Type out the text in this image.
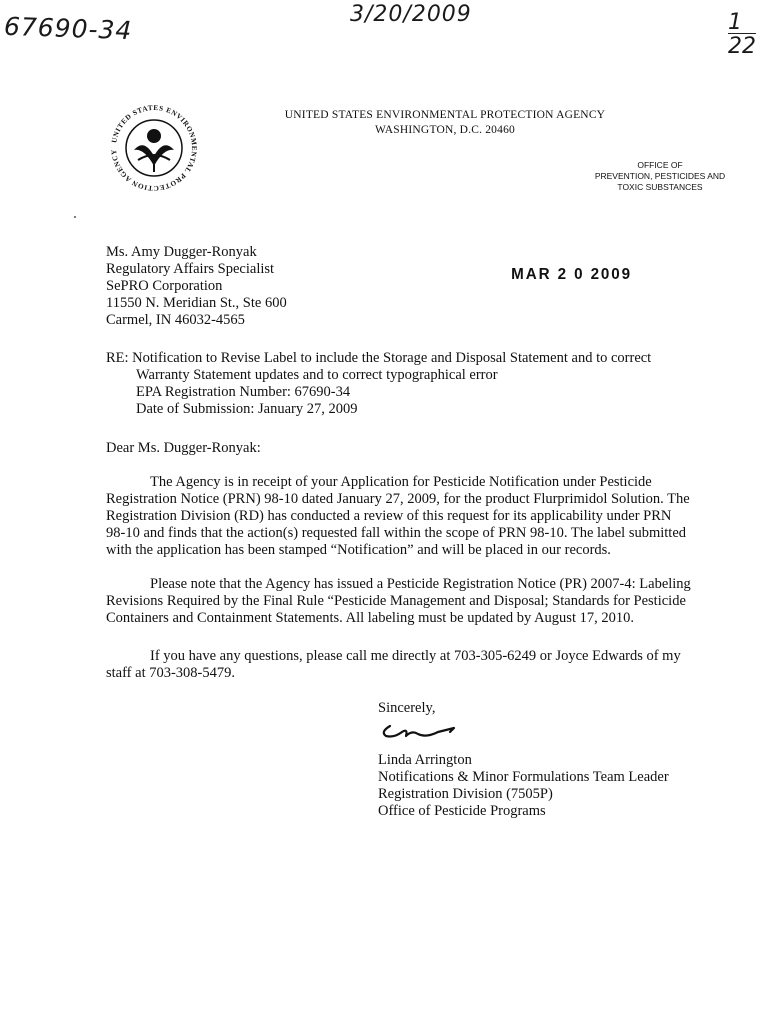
67690-34	3/20/2009	1
22
UNITED STATES ENVIRONMENTAL PROTECTION AGENCY
UNITED STATES ENVIRONMENTAL PROTECTION AGENCY
WASHINGTON, D.C. 20460
OFFICE OF
PREVENTION, PESTICIDES AND
TOXIC SUBSTANCES
MAR 2 0 2009
Ms. Amy Dugger-Ronyak
Regulatory Affairs Specialist
SePRO Corporation
11550 N. Meridian St., Ste 600
Carmel, IN 46032-4565
RE: Notification to Revise Label to include the Storage and Disposal Statement and to correct
Warranty Statement updates and to correct typographical error
EPA Registration Number: 67690-34
Date of Submission: January 27, 2009
Dear Ms. Dugger-Ronyak:

The Agency is in receipt of your Application for Pesticide Notification under Pesticide Registration Notice (PRN) 98-10 dated January 27, 2009, for the product Flurprimidol Solution. The Registration Division (RD) has conducted a review of this request for its applicability under PRN 98-10 and finds that the action(s) requested fall within the scope of PRN 98-10. The label submitted with the application has been stamped “Notification” and will be placed in our records.

Please note that the Agency has issued a Pesticide Registration Notice (PR) 2007-4: Labeling Revisions Required by the Final Rule “Pesticide Management and Disposal; Standards for Pesticide Containers and Containment Statements. All labeling must be updated by August 17, 2010.

If you have any questions, please call me directly at 703-305-6249 or Joyce Edwards of my staff at 703-308-5479.

Sincerely,
Linda Arrington
Notifications & Minor Formulations Team Leader
Registration Division (7505P)
Office of Pesticide Programs
